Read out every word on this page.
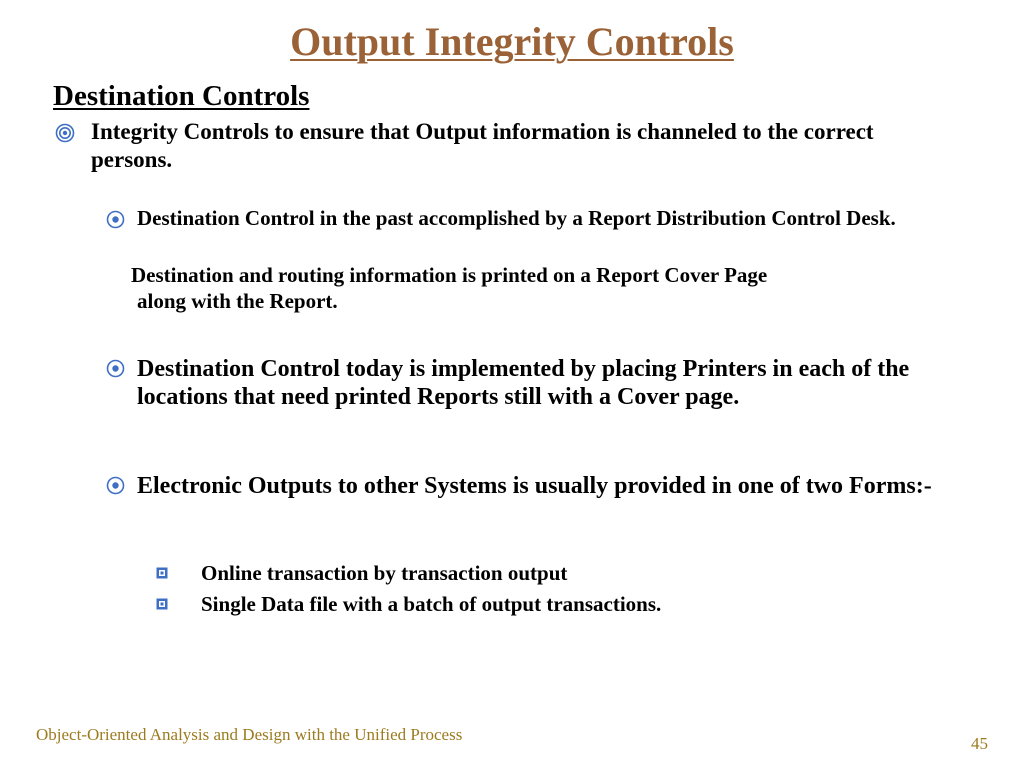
Output Integrity Controls
Destination Controls
Integrity Controls to ensure that Output information is channeled to the correct persons.
Destination Control in the past accomplished by a Report Distribution Control Desk.

Destination and routing information is printed on a Report Cover Page
along with the Report.

Destination Control today is implemented by placing Printers in each of the locations that need printed Reports still with a Cover page.
Electronic Outputs to other Systems is usually provided in one of two Forms:-
Online transaction by transaction output
Single Data file with a batch of output transactions.

Object-Oriented Analysis and Design with the Unified Process	45
